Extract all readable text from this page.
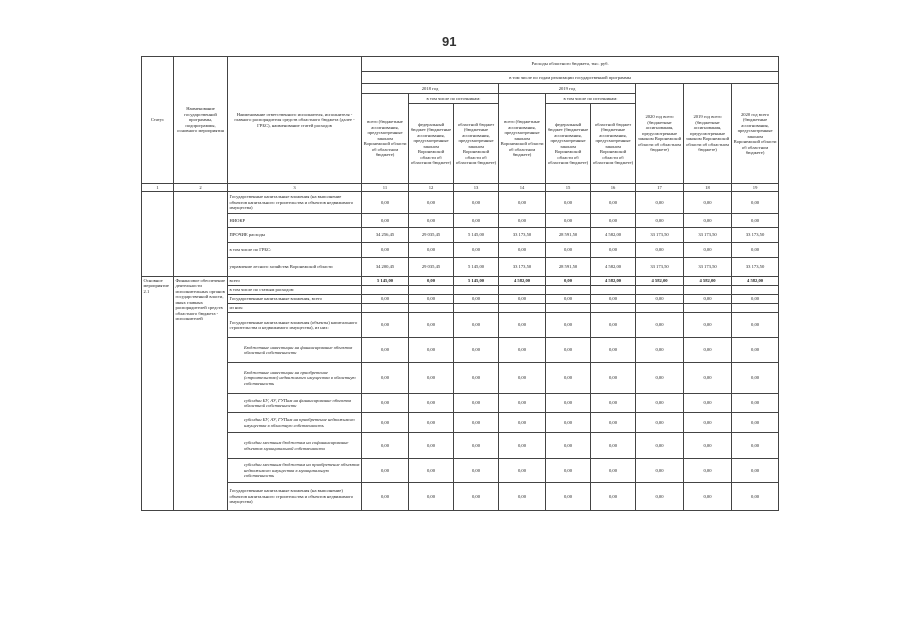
91
Статус	Наименование государственной программы, подпрограммы, основного мероприятия	Наименование ответственного исполнителя, исполнителя - главного распорядителя средств областного бюджета (далее - ГРБС), наименование статей расходов	Расходы областного бюджета, тыс. руб.								
			в том числе по годам реализации государственной программы								
			2018 год			2019 год			2020 год всего (бюджетные ассигнования, предусмотренные законом Воронежской области об областном бюджете)	2019 год всего (бюджетные ассигнования, предусмотренные законом Воронежской области об областном бюджете)	2020 год всего (бюджетные ассигнования, предусмотренные законом Воронежской области об областном бюджете)
			всего (бюджетные ассигнования, предусмотренные законом Воронежской области об областном бюджете)	в том числе по источникам:		всего (бюджетные ассигнования, предусмотренные законом Воронежской области об областном бюджете)	в том числе по источникам:				
				федеральный бюджет (бюджетные ассигнования, предусмотренные законом Воронежской области об областном бюджете)	областной бюджет (бюджетные ассигнования, предусмотренные законом Воронежской области об областном бюджете)		федеральный бюджет (бюджетные ассигнования, предусмотренные законом Воронежской области об областном бюджете)	областной бюджет (бюджетные ассигнования, предусмотренные законом Воронежской области об областном бюджете)			
1	2	3	11	12	13	14	15	16	17	18	19
		Государственные капитальные вложения (на выполнение объектов капитального строительства и объектов недвижимого имущества)	0,00	0,00	0,00	0,00	0,00	0,00	0,00	0,00	0,00
		НИОКР	0,00	0,00	0,00	0,00	0,00	0,00	0,00	0,00	0,00
		ПРОЧИЕ расходы	34 256,45	29 035,45	5 145,00	33 173,50	28 591,50	4 582,00	33 173,50	33 173,50	33 173,50
		в том числе по ГРБС:	0,00	0,00	0,00	0,00	0,00	0,00	0,00	0,00	0,00
		управление лесного хозяйства Воронежской области	34 200,45	29 035,45	5 145,00	33 173,50	28 591,50	4 582,00	33 173,50	33 173,50	33 173,50
Основное мероприятие 2.1	Финансовое обеспечение деятельности исполнительных органов государственной власти, иных главных распорядителей средств областного бюджета - исполнителей	всего	5 145,00	0,00	5 145,00	4 582,00	0,00	4 582,00	4 582,00	4 582,00	4 582,00
		в том числе по статьям расходов:									
		Государственные капитальные вложения, всего	0,00	0,00	0,00	0,00	0,00	0,00	0,00	0,00	0,00
		из них:									
		Государственные капитальные вложения (объекты) капитального строительства и недвижимого имущества), из них:	0,00	0,00	0,00	0,00	0,00	0,00	0,00	0,00	0,00
		Бюджетные инвестиции на финансирование объектов областной собственности	0,00	0,00	0,00	0,00	0,00	0,00	0,00	0,00	0,00
		Бюджетные инвестиции на приобретение (строительство) недвижимого имущества в областную собственность	0,00	0,00	0,00	0,00	0,00	0,00	0,00	0,00	0,00
		субсидии БУ, АУ, ГУПам на финансирование объектов областной собственности	0,00	0,00	0,00	0,00	0,00	0,00	0,00	0,00	0,00
		субсидии БУ, АУ, ГУПам на приобретение недвижимого имущества в областную собственность	0,00	0,00	0,00	0,00	0,00	0,00	0,00	0,00	0,00
		субсидии местным бюджетам на софинансирование объектов муниципальной собственности	0,00	0,00	0,00	0,00	0,00	0,00	0,00	0,00	0,00
		субсидии местным бюджетам на приобретение объектов недвижимого имущества в муниципальную собственность	0,00	0,00	0,00	0,00	0,00	0,00	0,00	0,00	0,00
		Государственные капитальные вложения (на выполнение) объектов капитального строительства и объектов недвижимого имущества)	0,00	0,00	0,00	0,00	0,00	0,00	0,00	0,00	0,00
